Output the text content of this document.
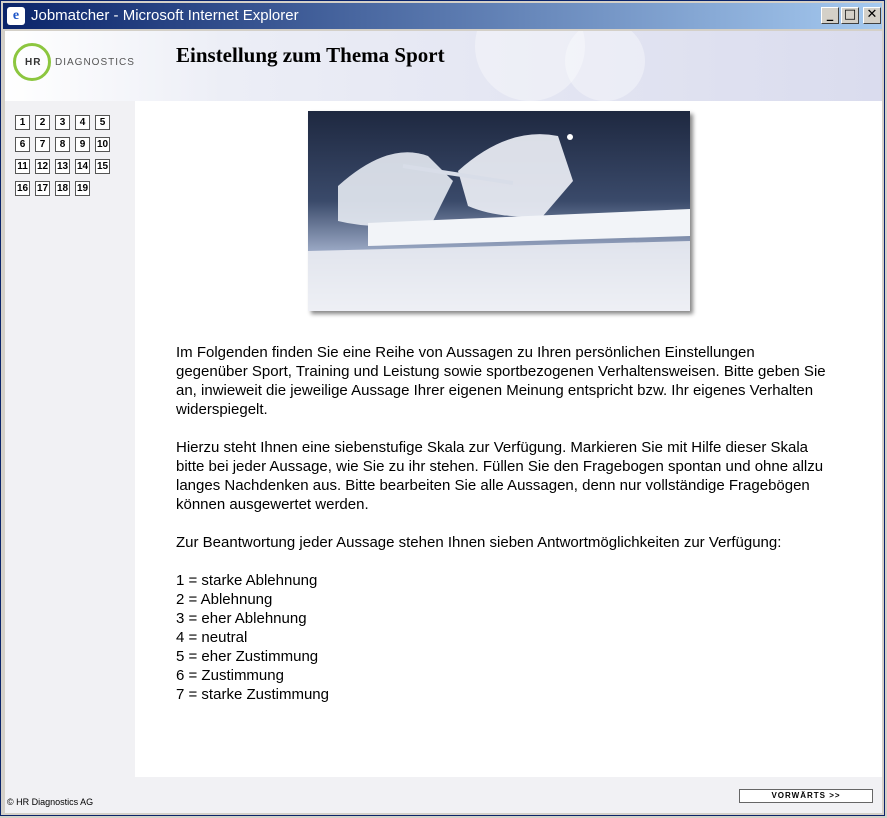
e Jobmatcher - Microsoft Internet Explorer	_ □ ✕
HR DIAGNOSTICS Einstellung zum Thema Sport
1 2 3 4 5
6 7 8 9 10
11 12 13 14 15
16 17 18 19

Im Folgenden finden Sie eine Reihe von Aussagen zu Ihren persönlichen Einstellungen gegenüber Sport, Training und Leistung sowie sportbezogenen Verhaltensweisen. Bitte geben Sie an, inwieweit die jeweilige Aussage Ihrer eigenen Meinung entspricht bzw. Ihr eigenes Verhalten widerspiegelt.

Hierzu steht Ihnen eine siebenstufige Skala zur Verfügung. Markieren Sie mit Hilfe dieser Skala bitte bei jeder Aussage, wie Sie zu ihr stehen. Füllen Sie den Fragebogen spontan und ohne allzu langes Nachdenken aus. Bitte bearbeiten Sie alle Aussagen, denn nur vollständige Fragebögen können ausgewertet werden.

Zur Beantwortung jeder Aussage stehen Ihnen sieben Antwortmöglichkeiten zur Verfügung:

1 = starke Ablehnung
2 = Ablehnung
3 = eher Ablehnung
4 = neutral
5 = eher Zustimmung
6 = Zustimmung
7 = starke Zustimmung
© HR Diagnostics AG
VORWÄRTS >>
